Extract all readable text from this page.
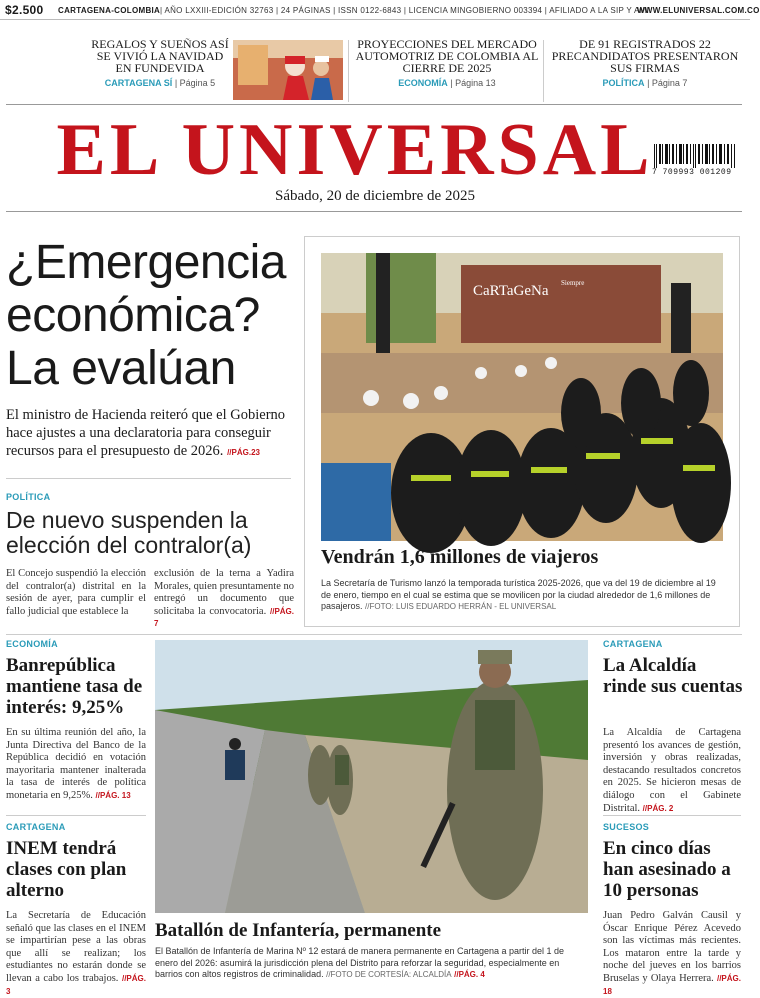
$2.500 CARTAGENA-COLOMBIA | AÑO LXXIII-EDICIÓN 32763 | 24 PÁGINAS | ISSN 0122-6843 | LICENCIA MINGOBIERNO 003394 | AFILIADO A LA SIP Y AMI
WWW.ELUNIVERSAL.COM.CO
REGALOS Y SUEÑOS ASÍ SE VIVIÓ LA NAVIDAD EN FUNDEVIDA
CARTAGENA SÍ | Página 5
PROYECCIONES DEL MERCADO AUTOMOTRIZ DE COLOMBIA AL CIERRE DE 2025
ECONOMÍA | Página 13
DE 91 REGISTRADOS 22 PRECANDIDATOS PRESENTARON SUS FIRMAS
POLÍTICA | Página 7
EL UNIVERSAL
7 709993 001209
Sábado, 20 de diciembre de 2025
¿Emergencia económica? La evalúan
El ministro de Hacienda reiteró que el Gobierno hace ajustes a una declaratoria para conseguir recursos para el presupuesto de 2026. //PÁG.23
POLÍTICA
De nuevo suspenden la elección del contralor(a)
El Concejo suspendió la elección del contralor(a) distrital en la sesión de ayer, para cumplir el fallo judicial que establece la
exclusión de la terna a Yadira Morales, quien presuntamente no entregó un documento que solicitaba la convocatoria. //PÁG. 7
CaRTaGeNa Siempre
Vendrán 1,6 millones de viajeros
La Secretaría de Turismo lanzó la temporada turística 2025-2026, que va del 19 de diciembre al 19 de enero, tiempo en el cual se estima que se movilicen por la ciudad alrededor de 1,6 millones de pasajeros. //FOTO: LUIS EDUARDO HERRÁN - EL UNIVERSAL
ECONOMÍA
Banrepública mantiene tasa de interés: 9,25%
En su última reunión del año, la Junta Directiva del Banco de la República decidió en votación mayoritaria mantener inalterada la tasa de interés de política monetaria en 9,25%. //PÁG. 13
CARTAGENA
INEM tendrá clases con plan alterno
La Secretaría de Educación señaló que las clases en el INEM se impartirían pese a las obras que allí se realizan; los estudiantes no estarán donde se llevan a cabo los trabajos. //PÁG. 3
Batallón de Infantería, permanente
El Batallón de Infantería de Marina Nº 12 estará de manera permanente en Cartagena a partir del 1 de enero del 2026: asumirá la jurisdicción plena del Distrito para reforzar la seguridad, especialmente en barrios con altos registros de criminalidad. //FOTO DE CORTESÍA: ALCALDÍA //PÁG. 4
CARTAGENA
La Alcaldía rinde sus cuentas
La Alcaldía de Cartagena presentó los avances de gestión, inversión y obras realizadas, destacando resultados concretos en 2025. Se hicieron mesas de diálogo con el Gabinete Distrital. //PÁG. 2
SUCESOS
En cinco días han asesinado a 10 personas
Juan Pedro Galván Causil y Óscar Enrique Pérez Acevedo son las víctimas más recientes. Los mataron entre la tarde y noche del jueves en los barrios Bruselas y Olaya Herrera. //PÁG. 18
